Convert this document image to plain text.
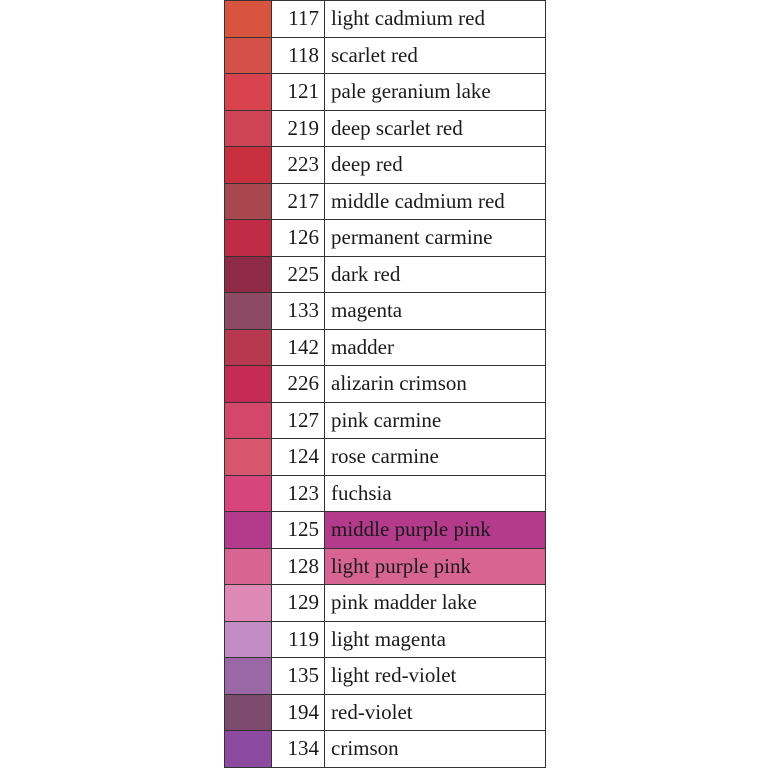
	117	light cadmium red

	118	scarlet red

	121	pale geranium lake

	219	deep scarlet red

	223	deep red

	217	middle cadmium red

	126	permanent carmine

	225	dark red

	133	magenta

	142	madder

	226	alizarin crimson

	127	pink carmine

	124	rose carmine

	123	fuchsia

	125	middle purple pink

	128	light purple pink

	129	pink madder lake

	119	light magenta

	135	light red-violet

	194	red-violet

	134	crimson
